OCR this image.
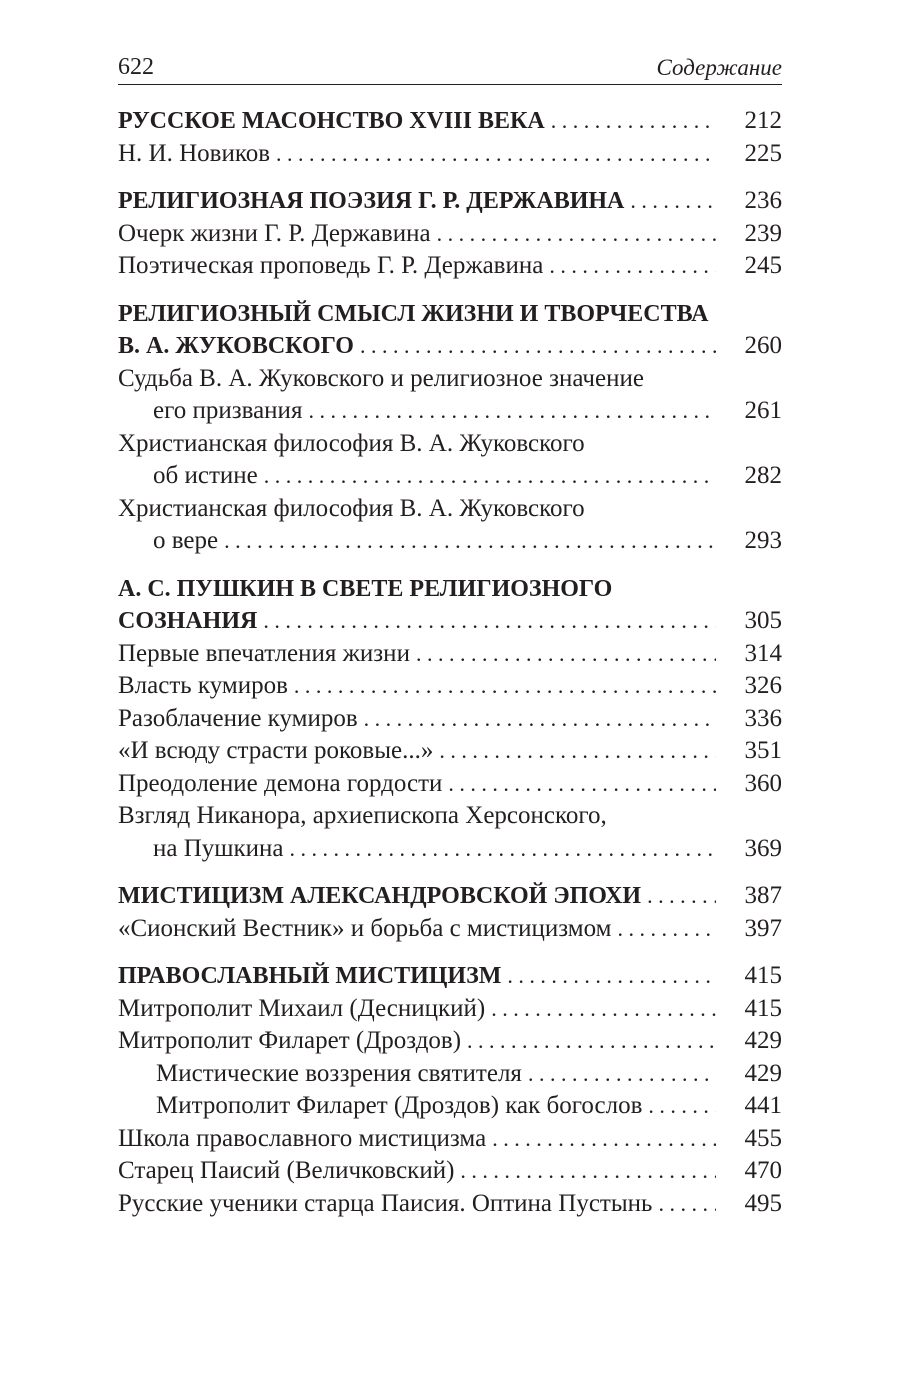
622	Содержание
РУССКОЕ МАСОНСТВО XVIII ВЕКА . . .	212
Н. И. Новиков . . .	225
РЕЛИГИОЗНАЯ ПОЭЗИЯ Г. Р. ДЕРЖАВИНА . . .	236
Очерк жизни Г. Р. Державина . . .	239
Поэтическая проповедь Г. Р. Державина . . .	245
РЕЛИГИОЗНЫЙ СМЫСЛ ЖИЗНИ И ТВОРЧЕСТВА
В. А. ЖУКОВСКОГО . . .	260
Судьба В. А. Жуковского и религиозное значение
его призвания . . .	261
Христианская философия В. А. Жуковского
об истине . . .	282
Христианская философия В. А. Жуковского
о вере . . .	293
А. С. ПУШКИН В СВЕТЕ РЕЛИГИОЗНОГО
СОЗНАНИЯ . . .	305
Первые впечатления жизни . . .	314
Власть кумиров . . .	326
Разоблачение кумиров . . .	336
«И всюду страсти роковые...» . . .	351
Преодоление демона гордости . . .	360
Взгляд Никанора, архиепископа Херсонского,
на Пушкина . . .	369
МИСТИЦИЗМ АЛЕКСАНДРОВСКОЙ ЭПОХИ . . .	387
«Сионский Вестник» и борьба с мистицизмом . . .	397
ПРАВОСЛАВНЫЙ МИСТИЦИЗМ . . .	415
Митрополит Михаил (Десницкий) . . .	415
Митрополит Филарет (Дроздов) . . .	429
Мистические воззрения святителя . . .	429
Митрополит Филарет (Дроздов) как богослов . . .	441
Школа православного мистицизма . . .	455
Старец Паисий (Величковский) . . .	470
Русские ученики старца Паисия. Оптина Пустынь . . .	495
